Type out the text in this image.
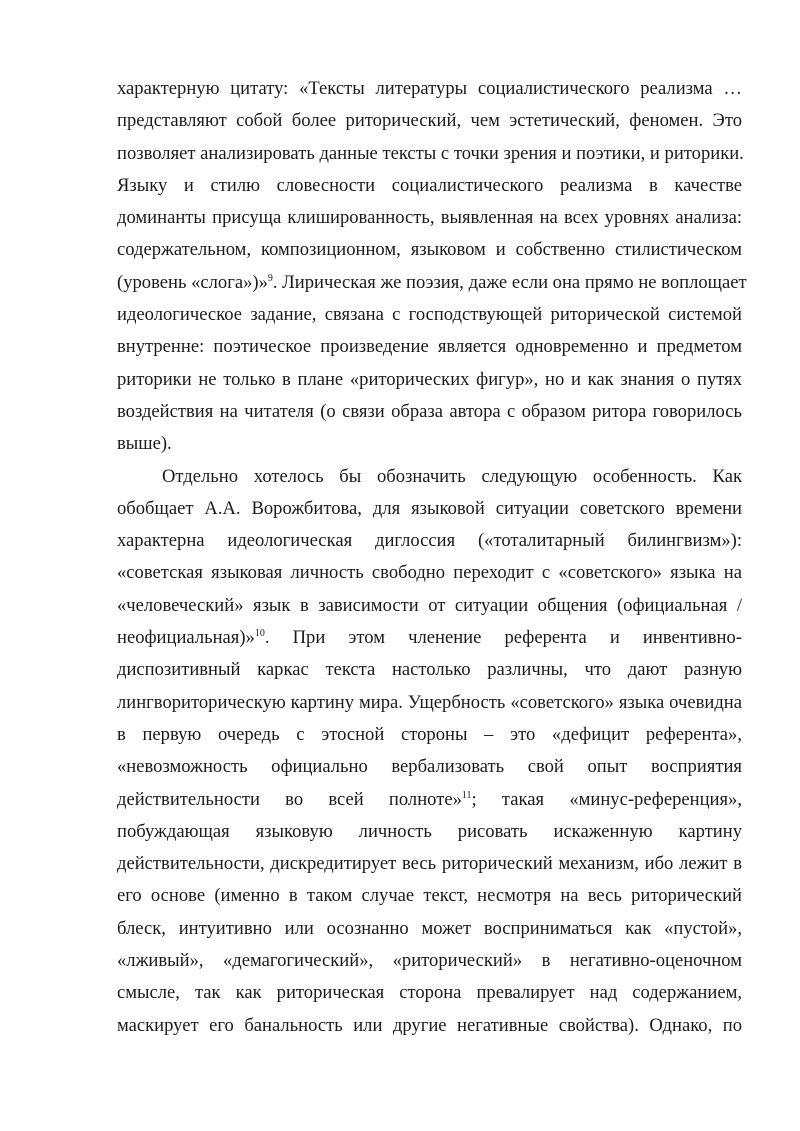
характерную цитату: «Тексты литературы социалистического реализма …
представляют собой более риторический, чем эстетический, феномен. Это
позволяет анализировать данные тексты с точки зрения и поэтики, и риторики.
Языку и стилю словесности социалистического реализма в качестве
доминанты присуща клишированность, выявленная на всех уровнях анализа:
содержательном, композиционном, языковом и собственно стилистическом
(уровень «слога»)»$^9$. Лирическая же поэзия, даже если она прямо не воплощает
идеологическое задание, связана с господствующей риторической системой
внутренне: поэтическое произведение является одновременно и предметом
риторики не только в плане «риторических фигур», но и как знания о путях
воздействия на читателя (о связи образа автора с образом ритора говорилось
выше).
Отдельно хотелось бы обозначить следующую особенность. Как
обобщает А.А. Ворожбитова, для языковой ситуации советского времени
характерна идеологическая диглоссия («тоталитарный билингвизм»):
«советская языковая личность свободно переходит с «советского» языка на
«человеческий» язык в зависимости от ситуации общения (официальная /
неофициальная)»$^{10}$. При этом членение референта и инвентивно-
диспозитивный каркас текста настолько различны, что дают разную
лингвориторическую картину мира. Ущербность «советского» языка очевидна
в первую очередь с этосной стороны – это «дефицит референта»,
«невозможность официально вербализовать свой опыт восприятия
действительности во всей полноте»$^{11}$; такая «минус-референция»,
побуждающая языковую личность рисовать искаженную картину
действительности, дискредитирует весь риторический механизм, ибо лежит в
его основе (именно в таком случае текст, несмотря на весь риторический
блеск, интуитивно или осознанно может восприниматься как «пустой»,
«лживый», «демагогический», «риторический» в негативно-оценочном
смысле, так как риторическая сторона превалирует над содержанием,
маскирует его банальность или другие негативные свойства). Однако, по
